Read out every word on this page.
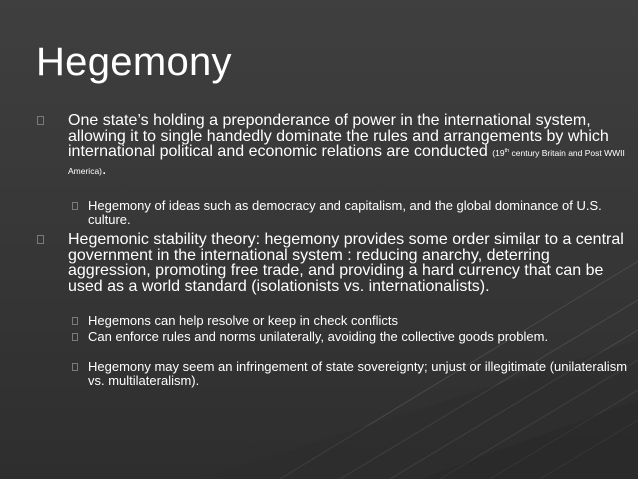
Hegemony
One state’s holding a preponderance of power in the international system, allowing it to single handedly dominate the rules and arrangements by which international political and economic relations are conducted (19th century Britain and Post WWII America).
Hegemony of ideas such as democracy and capitalism, and the global dominance of U.S. culture.
Hegemonic stability theory: hegemony provides some order similar to a central government in the international system : reducing anarchy, deterring aggression, promoting free trade, and providing a hard currency that can be used as a world standard (isolationists vs. internationalists).
Hegemons can help resolve or keep in check conflicts
Can enforce rules and norms unilaterally, avoiding the collective goods problem.
Hegemony may seem an infringement of state sovereignty; unjust or illegitimate (unilateralism vs. multilateralism).
